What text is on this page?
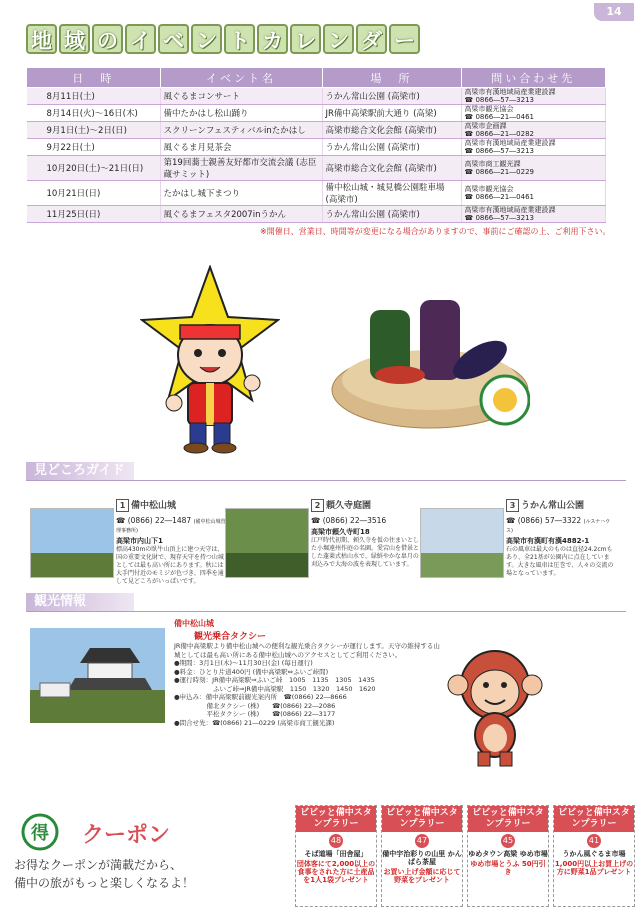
14
地 域 の イ ベ ン ト カ レ ン ダ ー
日　時	イベント名	場　所	問い合わせ先
8月11日(土)	風ぐるまコンサート	うかん常山公園 (高梁市)	高梁市有漢地域局産業建設課
☎ 0866―57―3213

8月14日(火)〜16日(木)	備中たかはし松山踊り	JR備中高梁駅前大通り (高梁)	高梁市観光協会
☎ 0866―21―0461

9月1日(土)〜2日(日)	スクリーンフェスティバルinたかはし	高梁市総合文化会館 (高梁市)	高梁市企画課
☎ 0866―21―0282

9月22日(土)	風ぐるま月見茶会	うかん常山公園 (高梁市)	高梁市有漢地域局産業建設課
☎ 0866―57―3213

10月20日(土)〜21日(日)	第19回蕎士親善友好都市交流会議 (志臣蔵サミット)	高梁市総合文化会館 (高梁市)	高梁市商工観光課
☎ 0866―21―0229

10月21日(日)	たかはし城下まつり	備中松山城・城見橋公園駐車場 (高梁市)	高梁市観光協会
☎ 0866―21―0461

11月25日(日)	風ぐるまフェスタ2007inうかん	うかん常山公園 (高梁市)	高梁市有漢地域局産業建設課
☎ 0866―57―3213
※開催日、営業日、時間等が変更になる場合がありますので、事前にご確認の上、ご利用下さい。
見どころガイド
1 備中松山城
☎ (0866) 22―1487 (備中松山城管理事務所)
高梁市内山下1
標高430mの臥牛山頂上に建つ天守は、国の重要文化財で、現存天守を持つ山城としては最も高い所にあります。秋には大手門付近のモミジが色づき、四季を通して見どころがいっぱいです。
2 頼久寺庭園
☎ (0866) 22―3516
高梁市頼久寺町18
江戸時代初期、頼久寺を仮の住まいとした小堀遠州作庭の名園。愛宕山を借景とした蓬莱式枯山水で、緑鮮やかな皐月の刈込みで大海の波を表現しています。
3 うかん常山公園
☎ (0866) 57―3322 (ルスナハウス)
高梁市有漢町有漢4882-1
石の風車は最大のものは直径24.2cmもあり、全21基が公園内に点在しています。大きな風車は圧巻で、人々の交流の場となっています。
観光情報
備中松山城
観光乗合タクシー
JR備中高梁駅より備中松山城への便利な観光乗合タクシーが運行します。天守の維持する山城としては最も高い所にある備中松山城へのアクセスとしてご利用ください。
●期間：3月1日(木)〜11月30日(金) (毎日運行)
●料金：ひとり片道400円 (備中高梁駅⇔ふいご峠間)
●運行時刻：JR備中高梁駅⇒ふいご峠　1005　1135　1305　1435
　　　　　　ふいご峠⇒JR備中高梁駅　1150　1320　1450　1620
●申込み：備中高梁駅前観光案内所　☎(0866) 22―8666
　　　　　備北タクシー (株)　　☎(0866) 22―2086
　　　　　平松タクシー (株)　　☎(0866) 22―3177
●問合せ先：☎(0866) 21―0229 (高梁市商工観光課)
得 クーポン
お得なクーポンが満載だから、
備中の旅がもっと楽しくなるよ！
ビビッと備中スタンプラリー
48
そば道場「田舎屋」
団体客にて2,000以上の食事をされた方に土産品を1人1袋プレゼント
ビビッと備中スタンプラリー
47
備中宇治彩りの山里 かんぱら茶屋
お買い上げ金額に応じて野菜をプレゼント
ビビッと備中スタンプラリー
45
ゆめタウン高梁 ゆめ市場
ゆめ市場とうふ 50円引き
ビビッと備中スタンプラリー
41
うかん風ぐるま市場
1,000円以上お買上げの方に野菜1品プレゼント
